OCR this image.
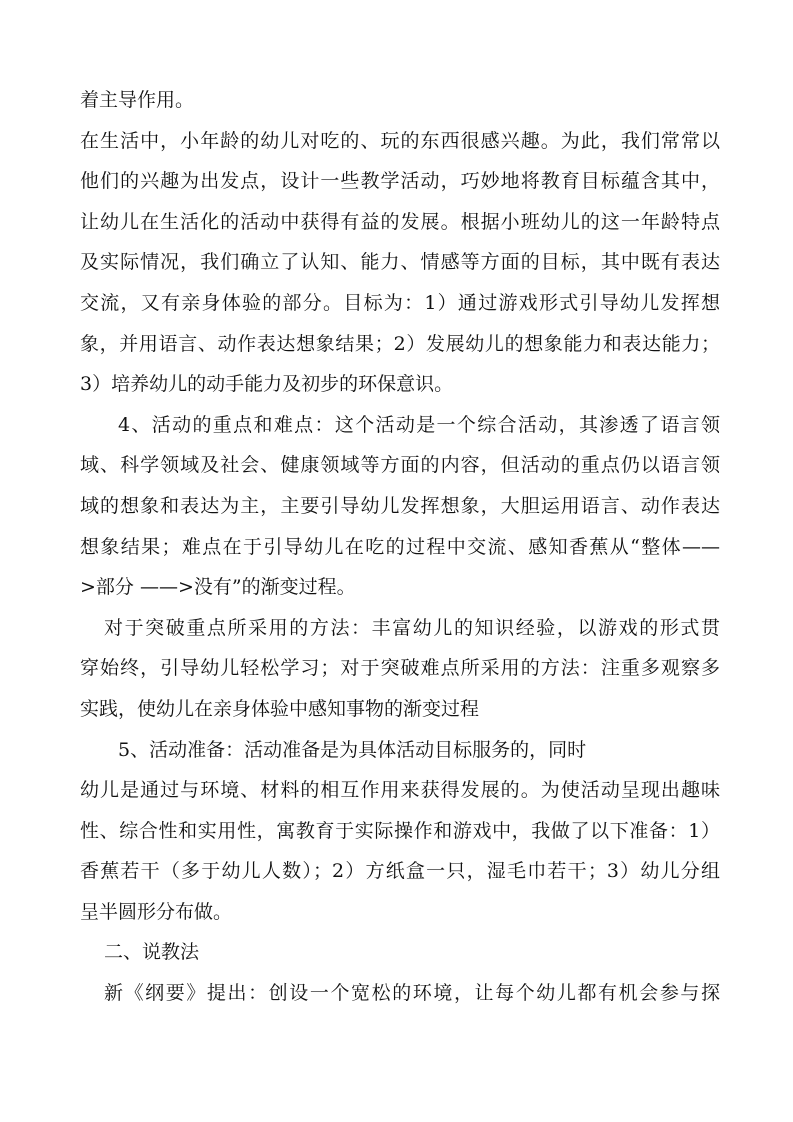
着主导作用。
在生活中，小年龄的幼儿对吃的、玩的东西很感兴趣。为此，我们常常以
他们的兴趣为出发点，设计一些教学活动，巧妙地将教育目标蕴含其中，
让幼儿在生活化的活动中获得有益的发展。根据小班幼儿的这一年龄特点
及实际情况，我们确立了认知、能力、情感等方面的目标，其中既有表达
交流，又有亲身体验的部分。目标为：1）通过游戏形式引导幼儿发挥想
象，并用语言、动作表达想象结果；2）发展幼儿的想象能力和表达能力；
3）培养幼儿的动手能力及初步的环保意识。
4、活动的重点和难点：这个活动是一个综合活动，其渗透了语言领
域、科学领域及社会、健康领域等方面的内容，但活动的重点仍以语言领
域的想象和表达为主，主要引导幼儿发挥想象，大胆运用语言、动作表达
想象结果；难点在于引导幼儿在吃的过程中交流、感知香蕉从“整体——
>部分 ——>没有”的渐变过程。
对于突破重点所采用的方法：丰富幼儿的知识经验，以游戏的形式贯
穿始终，引导幼儿轻松学习；对于突破难点所采用的方法：注重多观察多
实践，使幼儿在亲身体验中感知事物的渐变过程
5、活动准备：活动准备是为具体活动目标服务的，同时
幼儿是通过与环境、材料的相互作用来获得发展的。为使活动呈现出趣味
性、综合性和实用性，寓教育于实际操作和游戏中，我做了以下准备：1）
香蕉若干（多于幼儿人数）；2）方纸盒一只，湿毛巾若干；3）幼儿分组
呈半圆形分布做。
二、说教法
新《纲要》提出：创设一个宽松的环境，让每个幼儿都有机会参与探
